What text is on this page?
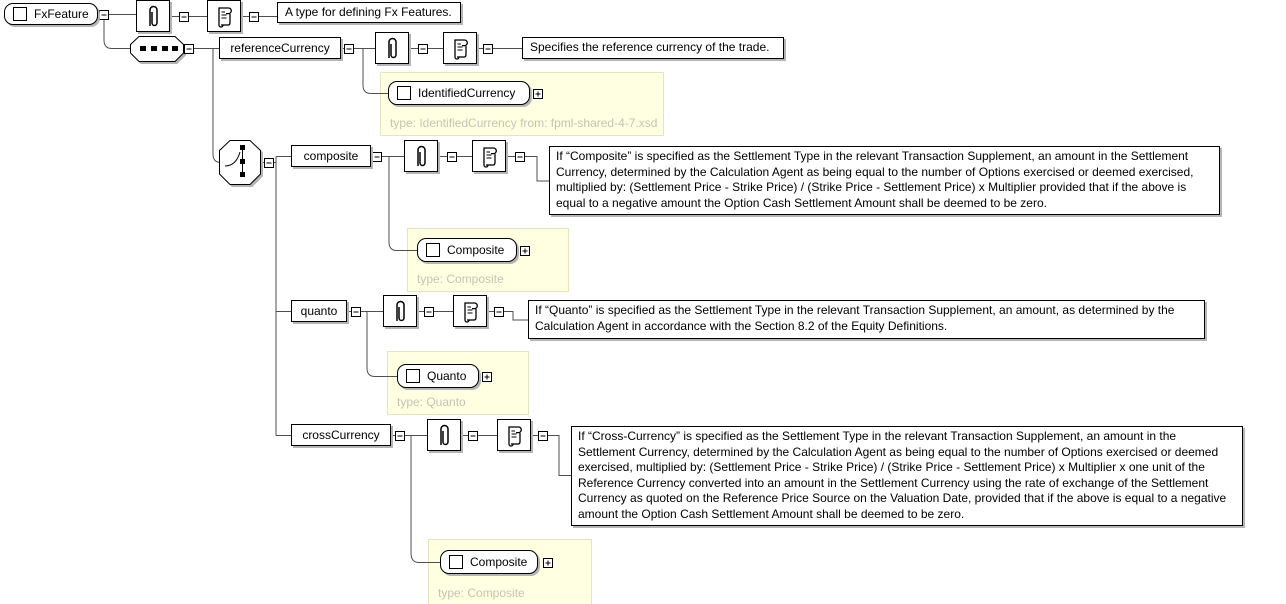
type: IdentifiedCurrency from: fpml-shared-4-7.xsd
type: Composite
type: Quanto
type: Composite
FxFeature	A type for defining Fx Features.
referenceCurrency	Specifies the reference currency of the trade.
IdentifiedCurrency
composite	If “Composite” is specified as the Settlement Type in the relevant Transaction Supplement, an amount in the Settlement Currency, determined by the Calculation Agent as being equal to the number of Options exercised or deemed exercised, multiplied by: (Settlement Price - Strike Price) / (Strike Price - Settlement Price) x Multiplier provided that if the above is equal to a negative amount the Option Cash Settlement Amount shall be deemed to be zero.
Composite
quanto	If “Quanto” is specified as the Settlement Type in the relevant Transaction Supplement, an amount, as determined by the Calculation Agent in accordance with the Section 8.2 of the Equity Definitions.
Quanto
crossCurrency	If “Cross-Currency” is specified as the Settlement Type in the relevant Transaction Supplement, an amount in the Settlement Currency, determined by the Calculation Agent as being equal to the number of Options exercised or deemed exercised, multiplied by: (Settlement Price - Strike Price) / (Strike Price - Settlement Price) x Multiplier x one unit of the Reference Currency converted into an amount in the Settlement Currency using the rate of exchange of the Settlement Currency as quoted on the Reference Price Source on the Valuation Date, provided that if the above is equal to a negative amount the Option Cash Settlement Amount shall be deemed to be zero.
Composite
